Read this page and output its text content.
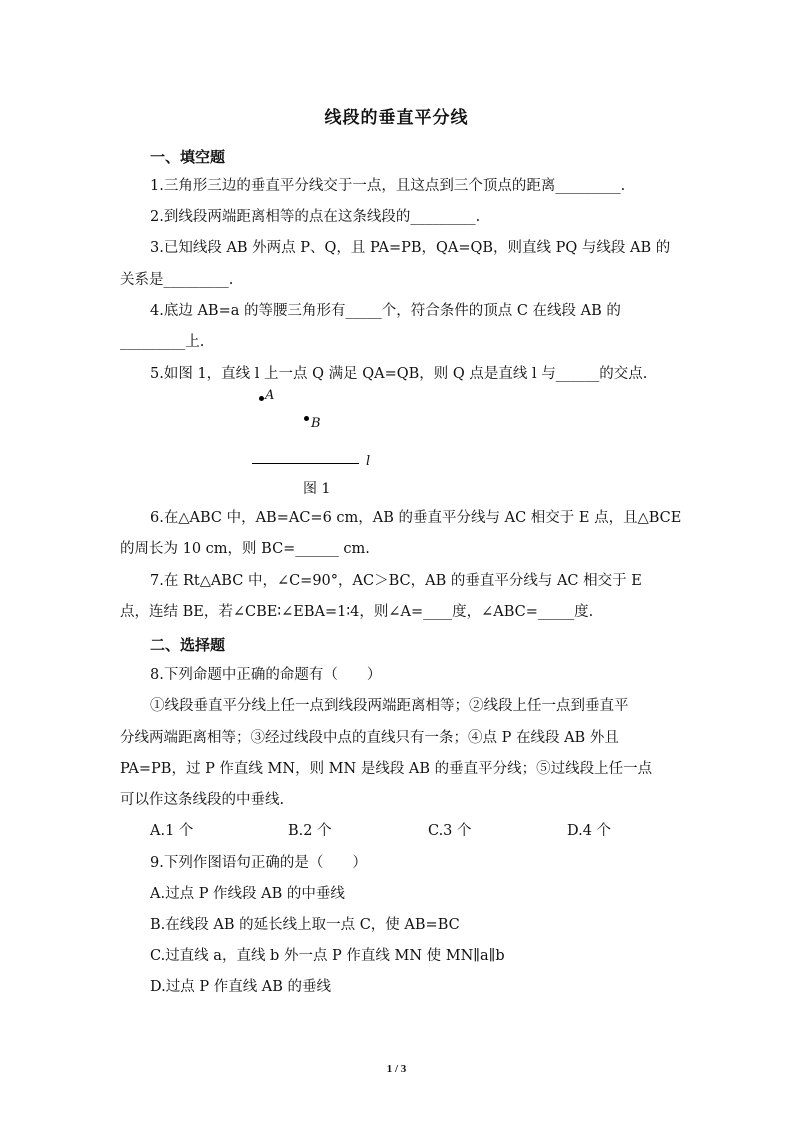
线段的垂直平分线
一、填空题
1.三角形三边的垂直平分线交于一点，且这点到三个顶点的距离_________.
2.到线段两端距离相等的点在这条线段的_________.
3.已知线段 AB 外两点 P、Q，且 PA=PB，QA=QB，则直线 PQ 与线段 AB 的
关系是_________.
4.底边 AB=a 的等腰三角形有_____个，符合条件的顶点 C 在线段 AB 的
_________上.
5.如图 1，直线 l 上一点 Q 满足 QA=QB，则 Q 点是直线 l 与______的交点.
A
B
l
图 1
6.在△ABC 中，AB=AC=6 cm，AB 的垂直平分线与 AC 相交于 E 点，且△BCE
的周长为 10 cm，则 BC=______ cm.
7.在 Rt△ABC 中，∠C=90°，AC＞BC，AB 的垂直平分线与 AC 相交于 E
点，连结 BE，若∠CBE∶∠EBA=1∶4，则∠A=____度，∠ABC=_____度.
二、选择题
8.下列命题中正确的命题有（　　）
①线段垂直平分线上任一点到线段两端距离相等；②线段上任一点到垂直平
分线两端距离相等；③经过线段中点的直线只有一条；④点 P 在线段 AB 外且
PA=PB，过 P 作直线 MN，则 MN 是线段 AB 的垂直平分线；⑤过线段上任一点
可以作这条线段的中垂线.
A.1 个	B.2 个	C.3 个	D.4 个
9.下列作图语句正确的是（　　）
A.过点 P 作线段 AB 的中垂线
B.在线段 AB 的延长线上取一点 C，使 AB=BC
C.过直线 a，直线 b 外一点 P 作直线 MN 使 MN∥a∥b
D.过点 P 作直线 AB 的垂线
1 / 3
